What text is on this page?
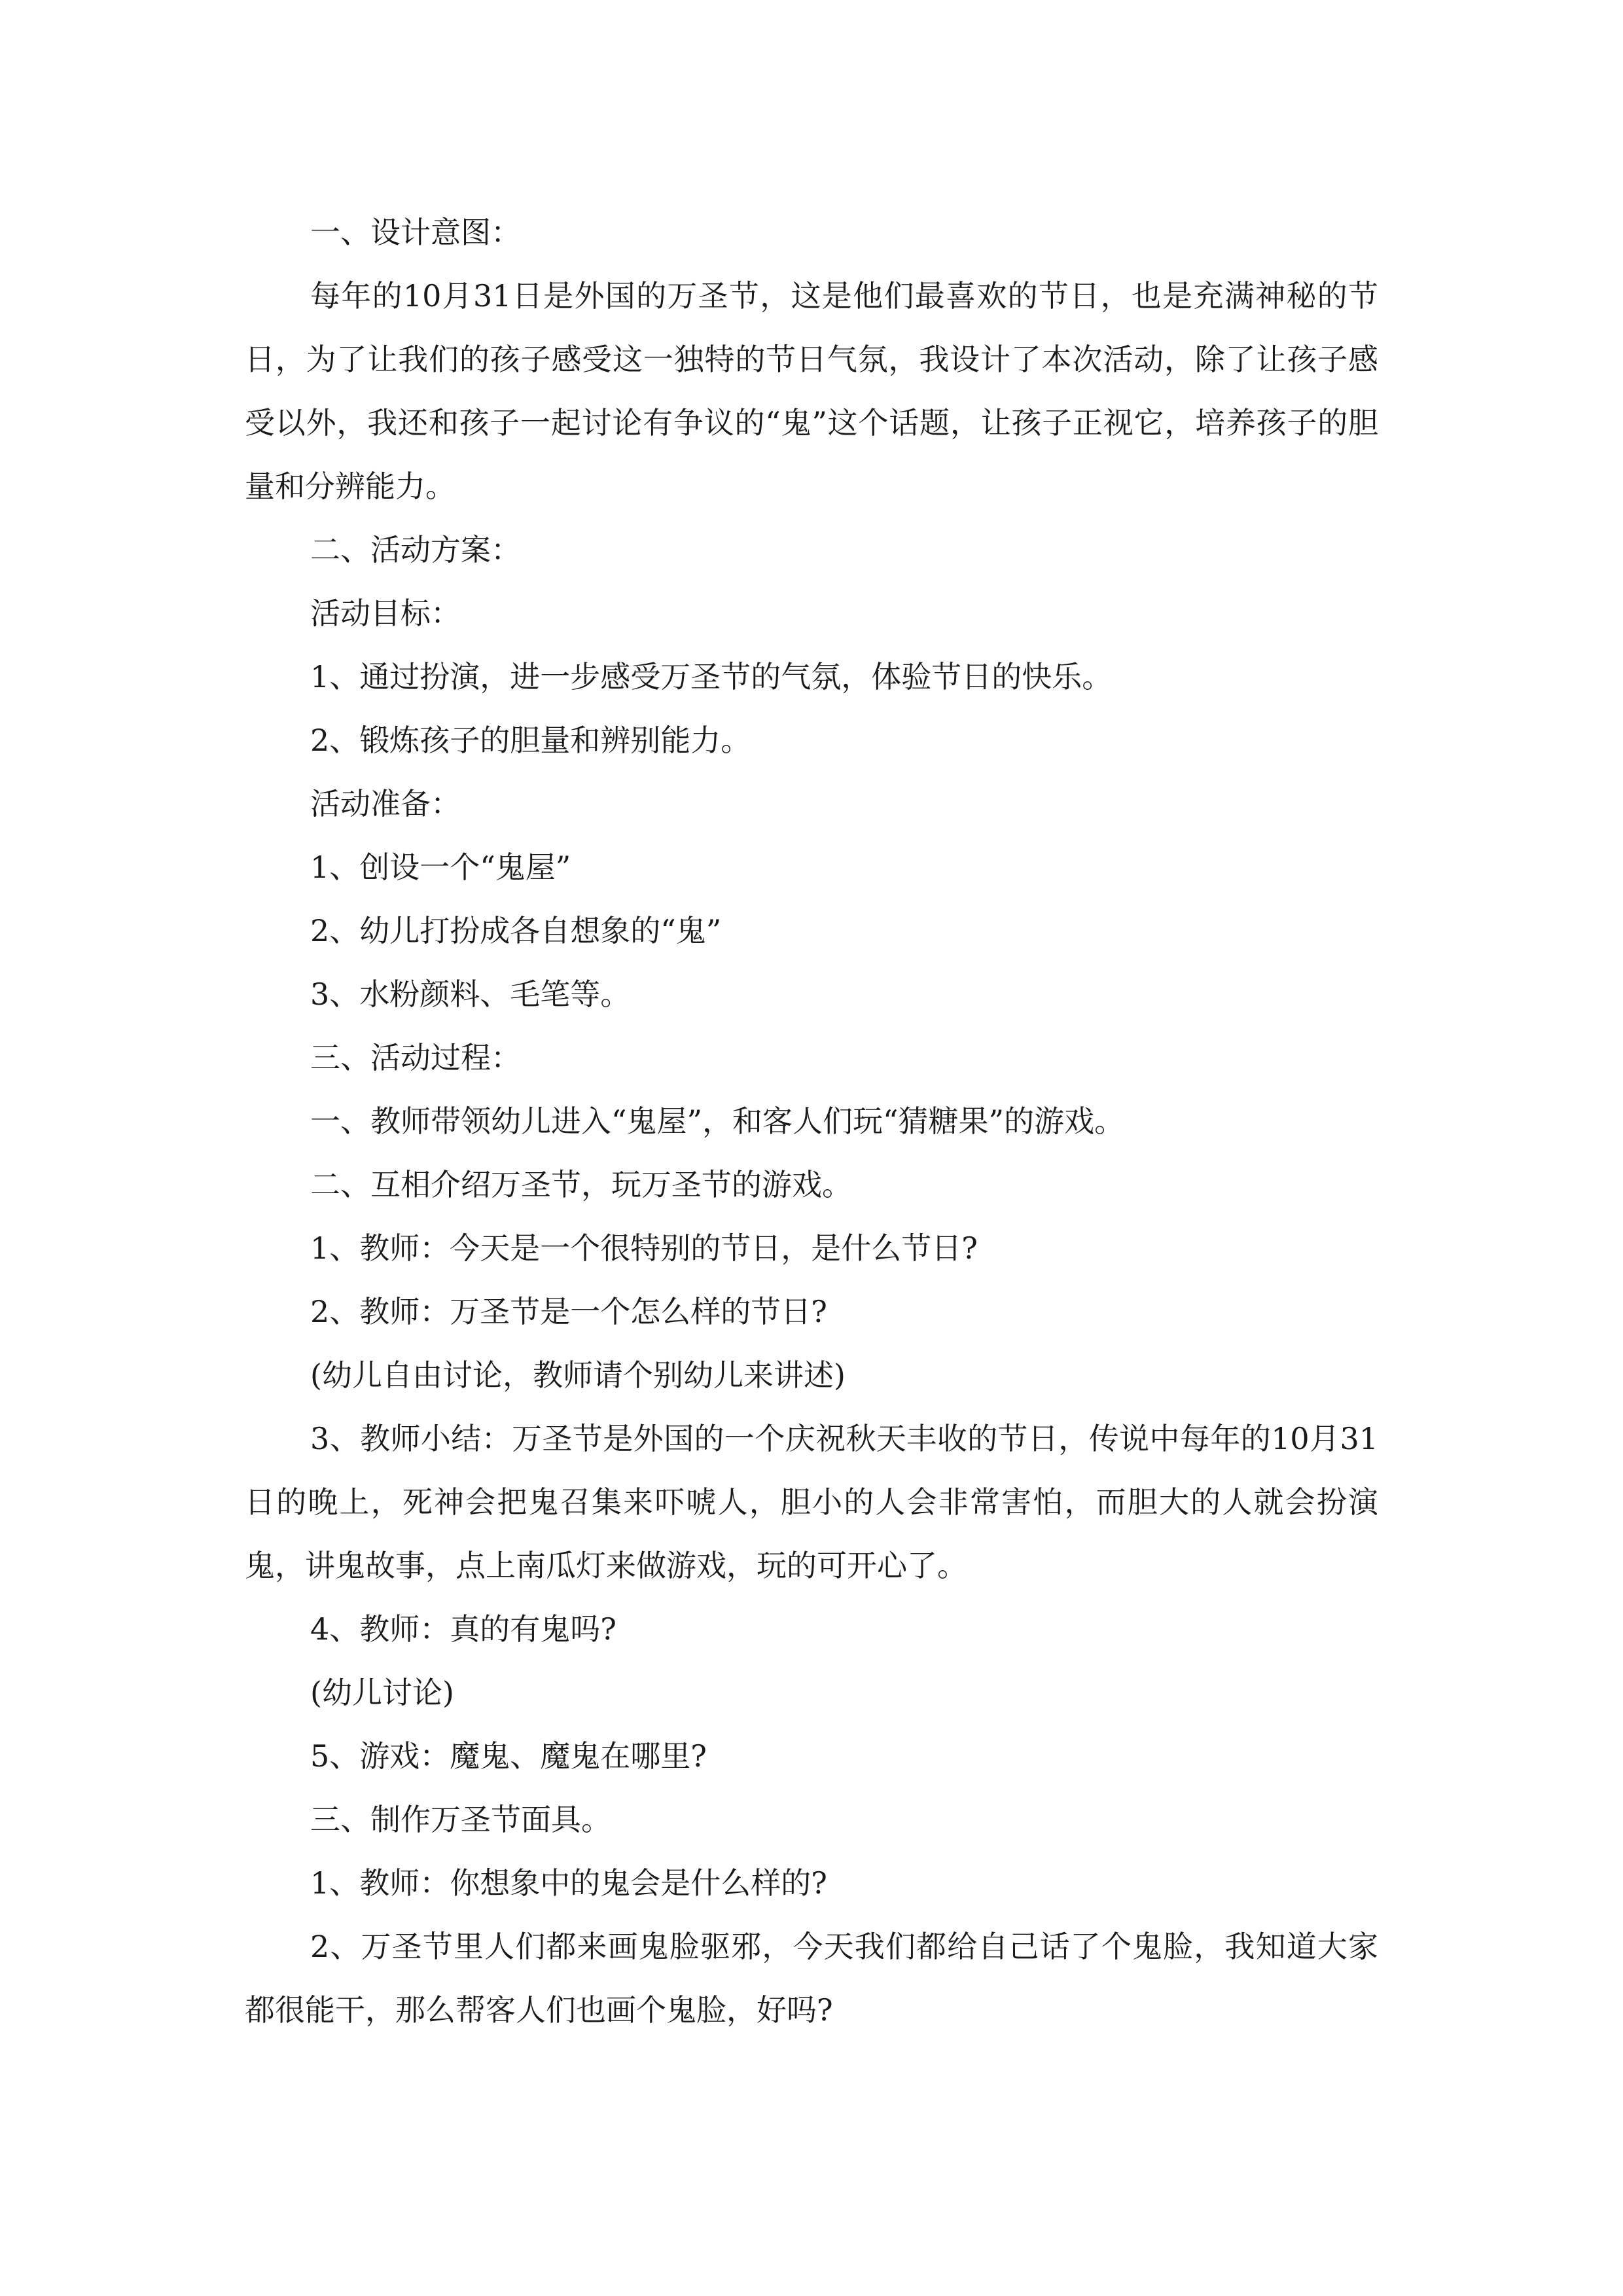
一、设计意图：

每年的10月31日是外国的万圣节，这是他们最喜欢的节日，也是充满神秘的节日，为了让我们的孩子感受这一独特的节日气氛，我设计了本次活动，除了让孩子感受以外，我还和孩子一起讨论有争议的“鬼”这个话题，让孩子正视它，培养孩子的胆量和分辨能力。

二、活动方案：

活动目标：

1、通过扮演，进一步感受万圣节的气氛，体验节日的快乐。

2、锻炼孩子的胆量和辨别能力。

活动准备：

1、创设一个“鬼屋”

2、幼儿打扮成各自想象的“鬼”

3、水粉颜料、毛笔等。

三、活动过程：

一、教师带领幼儿进入“鬼屋”，和客人们玩“猜糖果”的游戏。

二、互相介绍万圣节，玩万圣节的游戏。

1、教师：今天是一个很特别的节日，是什么节日?

2、教师：万圣节是一个怎么样的节日?

(幼儿自由讨论，教师请个别幼儿来讲述)

3、教师小结：万圣节是外国的一个庆祝秋天丰收的节日，传说中每年的10月31日的晚上，死神会把鬼召集来吓唬人，胆小的人会非常害怕，而胆大的人就会扮演鬼，讲鬼故事，点上南瓜灯来做游戏，玩的可开心了。

4、教师：真的有鬼吗?

(幼儿讨论)

5、游戏：魔鬼、魔鬼在哪里?

三、制作万圣节面具。

1、教师：你想象中的鬼会是什么样的?

2、万圣节里人们都来画鬼脸驱邪，今天我们都给自己话了个鬼脸，我知道大家都很能干，那么帮客人们也画个鬼脸，好吗?
